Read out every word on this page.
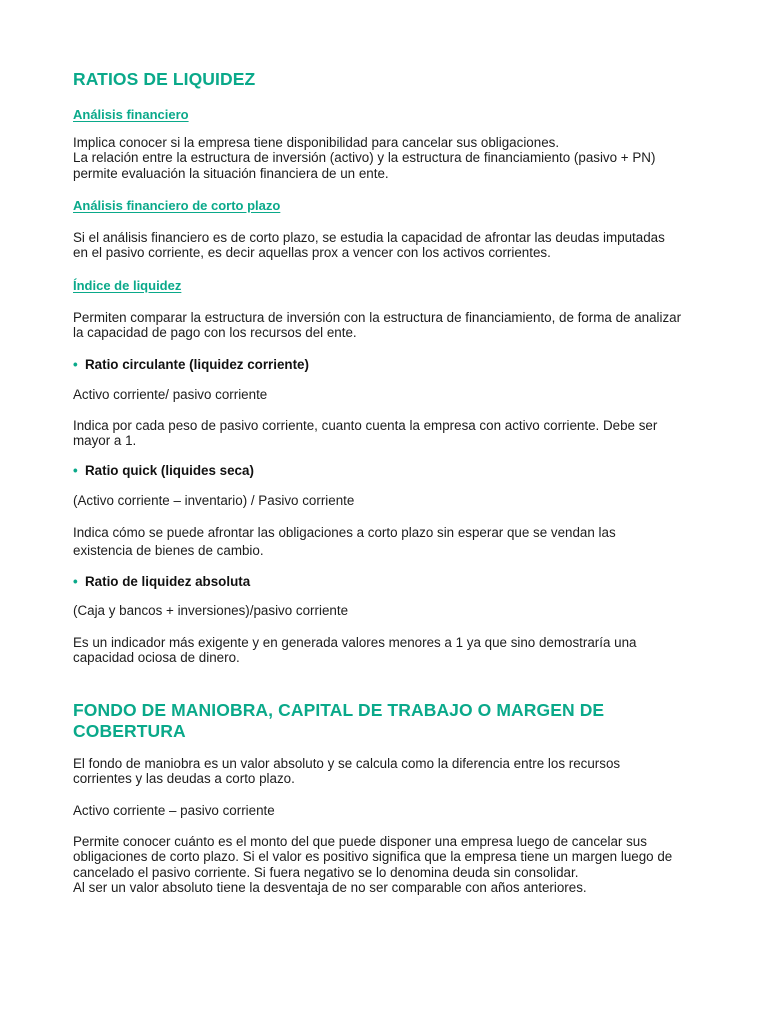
RATIOS DE LIQUIDEZ
Análisis financiero
Implica conocer si la empresa tiene disponibilidad para cancelar sus obligaciones.
La relación entre la estructura de inversión (activo) y la estructura de financiamiento (pasivo + PN) permite evaluación la situación financiera de un ente.
Análisis financiero de corto plazo
Si el análisis financiero es de corto plazo, se estudia la capacidad de afrontar las deudas imputadas en el pasivo corriente, es decir aquellas prox a vencer con los activos corrientes.
Índice de liquidez
Permiten comparar la estructura de inversión con la estructura de financiamiento, de forma de analizar la capacidad de pago con los recursos del ente.
• Ratio circulante (liquidez corriente)
Activo corriente/ pasivo corriente
Indica por cada peso de pasivo corriente, cuanto cuenta la empresa con activo corriente. Debe ser mayor a 1.
• Ratio quick (liquides seca)
(Activo corriente – inventario) / Pasivo corriente
Indica cómo se puede afrontar las obligaciones a corto plazo sin esperar que se vendan las existencia de bienes de cambio.
• Ratio de liquidez absoluta
(Caja y bancos + inversiones)/pasivo corriente
Es un indicador más exigente y en generada valores menores a 1 ya que sino demostraría una capacidad ociosa de dinero.
FONDO DE MANIOBRA, CAPITAL DE TRABAJO O MARGEN DE COBERTURA
El fondo de maniobra es un valor absoluto y se calcula como la diferencia entre los recursos corrientes y las deudas a corto plazo.
Activo corriente – pasivo corriente
Permite conocer cuánto es el monto del que puede disponer una empresa luego de cancelar sus obligaciones de corto plazo. Si el valor es positivo significa que la empresa tiene un margen luego de cancelado el pasivo corriente. Si fuera negativo se lo denomina deuda sin consolidar.
Al ser un valor absoluto tiene la desventaja de no ser comparable con años anteriores.
